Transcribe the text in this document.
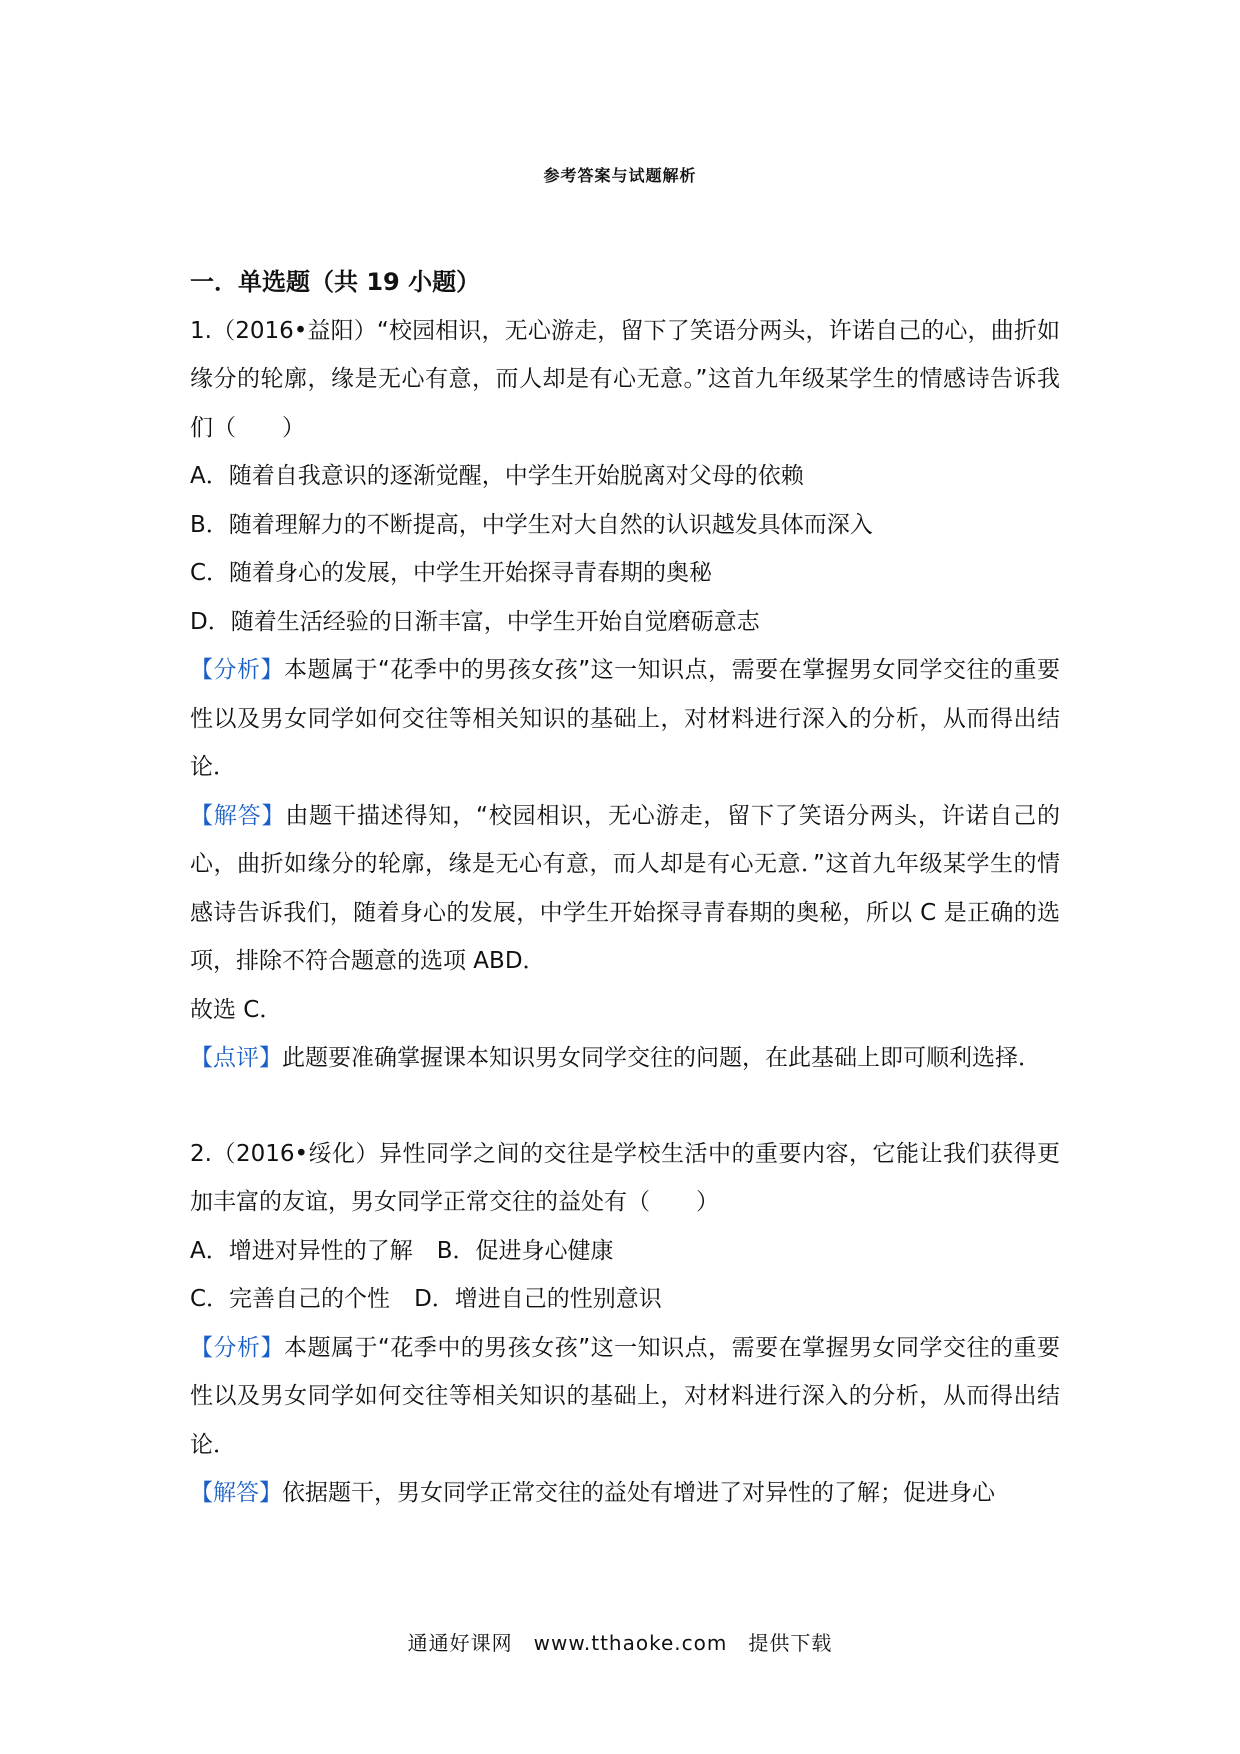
参考答案与试题解析

一．单选题（共 19 小题）

1.（2016•益阳）“校园相识，无心游走，留下了笑语分两头，许诺自己的心，曲折如缘分的轮廓，缘是无心有意，而人却是有心无意。”这首九年级某学生的情感诗告诉我们（　　）

A．随着自我意识的逐渐觉醒，中学生开始脱离对父母的依赖

B．随着理解力的不断提高，中学生对大自然的认识越发具体而深入

C．随着身心的发展，中学生开始探寻青春期的奥秘

D．随着生活经验的日渐丰富，中学生开始自觉磨砺意志

【分析】本题属于“花季中的男孩女孩”这一知识点，需要在掌握男女同学交往的重要性以及男女同学如何交往等相关知识的基础上，对材料进行深入的分析，从而得出结论．

【解答】由题干描述得知，“校园相识，无心游走，留下了笑语分两头，许诺自己的心，曲折如缘分的轮廓，缘是无心有意，而人却是有心无意．”这首九年级某学生的情感诗告诉我们，随着身心的发展，中学生开始探寻青春期的奥秘，所以 C 是正确的选项，排除不符合题意的选项 ABD．

故选 C．

【点评】此题要准确掌握课本知识男女同学交往的问题，在此基础上即可顺利选择．

2.（2016•绥化）异性同学之间的交往是学校生活中的重要内容，它能让我们获得更加丰富的友谊，男女同学正常交往的益处有（　　）

A．增进对异性的了解 B．促进身心健康

C．完善自己的个性 D．增进自己的性别意识

【分析】本题属于“花季中的男孩女孩”这一知识点，需要在掌握男女同学交往的重要性以及男女同学如何交往等相关知识的基础上，对材料进行深入的分析，从而得出结论．

【解答】依据题干，男女同学正常交往的益处有增进了对异性的了解；促进身心

通通好课网　www.tthaoke.com　提供下载
